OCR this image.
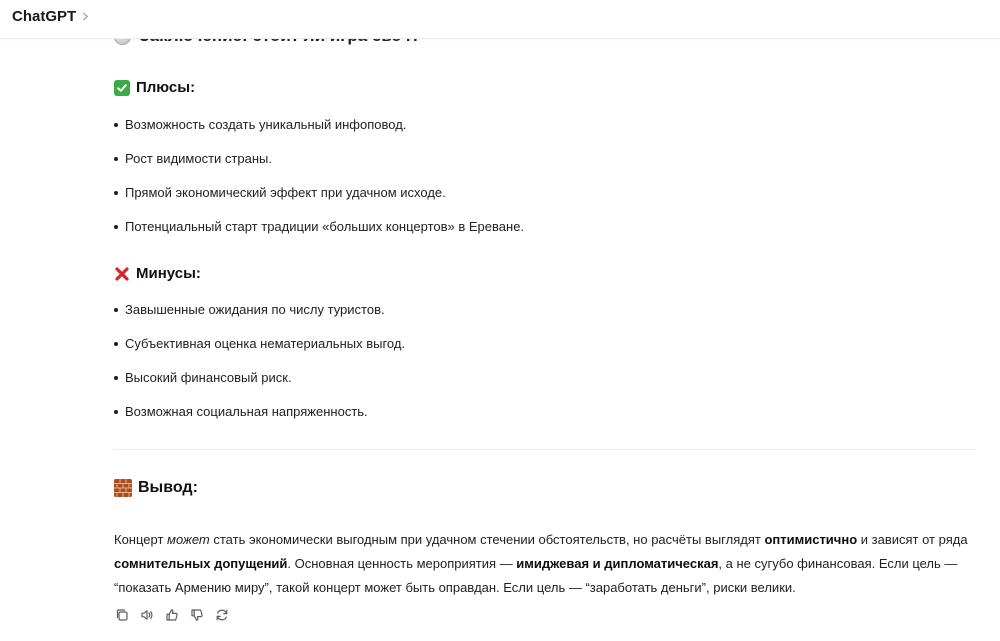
ChatGPT
Плюсы:
Возможность создать уникальный инфоповод.
Рост видимости страны.
Прямой экономический эффект при удачном исходе.
Потенциальный старт традиции «больших концертов» в Ереване.
Минусы:
Завышенные ожидания по числу туристов.
Субъективная оценка нематериальных выгод.
Высокий финансовый риск.
Возможная социальная напряженность.
Вывод:
Концерт может стать экономически выгодным при удачном стечении обстоятельств, но расчёты выглядят оптимистично и зависят от ряда сомнительных допущений. Основная ценность мероприятия — имиджевая и дипломатическая, а не сугубо финансовая. Если цель — “показать Армению миру”, такой концерт может быть оправдан. Если цель — “заработать деньги”, риски велики.
